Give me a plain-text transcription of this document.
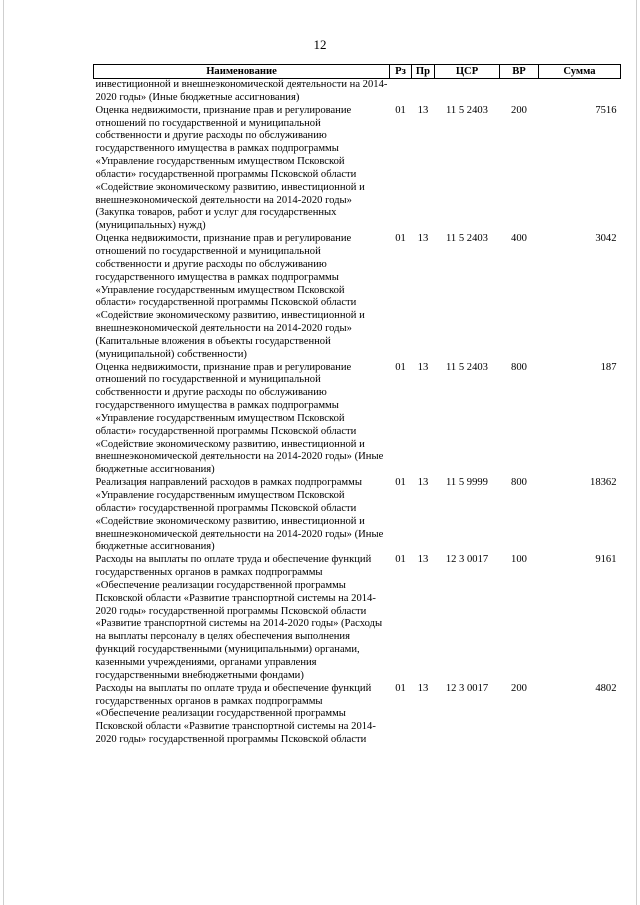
12
Наименование	Рз	Пр	ЦСР	ВР	Сумма
инвестиционной и внешнеэкономической деятельности на 2014-2020 годы» (Иные бюджетные ассигнования)					
Оценка недвижимости, признание прав и регулирование отношений по государственной и муниципальной собственности и другие расходы по обслуживанию государственного имущества в рамках подпрограммы «Управление государственным имуществом Псковской области» государственной программы Псковской области «Содействие экономическому развитию, инвестиционной и внешнеэкономической деятельности на 2014-2020 годы» (Закупка товаров, работ и услуг для государственных (муниципальных) нужд)	01	13	11 5 2403	200	7516
Оценка недвижимости, признание прав и регулирование отношений по государственной и муниципальной собственности и другие расходы по обслуживанию государственного имущества в рамках подпрограммы «Управление государственным имуществом Псковской области» государственной программы Псковской области «Содействие экономическому развитию, инвестиционной и внешнеэкономической деятельности на 2014-2020 годы» (Капитальные вложения в объекты государственной (муниципальной) собственности)	01	13	11 5 2403	400	3042
Оценка недвижимости, признание прав и регулирование отношений по государственной и муниципальной собственности и другие расходы по обслуживанию государственного имущества в рамках подпрограммы «Управление государственным имуществом Псковской области» государственной программы Псковской области «Содействие экономическому развитию, инвестиционной и внешнеэкономической деятельности на 2014-2020 годы» (Иные бюджетные ассигнования)	01	13	11 5 2403	800	187
Реализация направлений расходов в рамках подпрограммы «Управление государственным имуществом Псковской области» государственной программы Псковской области «Содействие экономическому развитию, инвестиционной и внешнеэкономической деятельности на 2014-2020 годы» (Иные бюджетные ассигнования)	01	13	11 5 9999	800	18362
Расходы на выплаты по оплате труда и обеспечение функций государственных органов в рамках подпрограммы «Обеспечение реализации государственной программы Псковской области «Развитие транспортной системы на 2014-2020 годы» государственной программы Псковской области «Развитие транспортной системы на 2014-2020 годы» (Расходы на выплаты персоналу в целях обеспечения выполнения функций государственными (муниципальными) органами, казенными учреждениями, органами управления государственными внебюджетными фондами)	01	13	12 3 0017	100	9161
Расходы на выплаты по оплате труда и обеспечение функций государственных органов в рамках подпрограммы «Обеспечение реализации государственной программы Псковской области «Развитие транспортной системы на 2014-2020 годы» государственной программы Псковской области	01	13	12 3 0017	200	4802
